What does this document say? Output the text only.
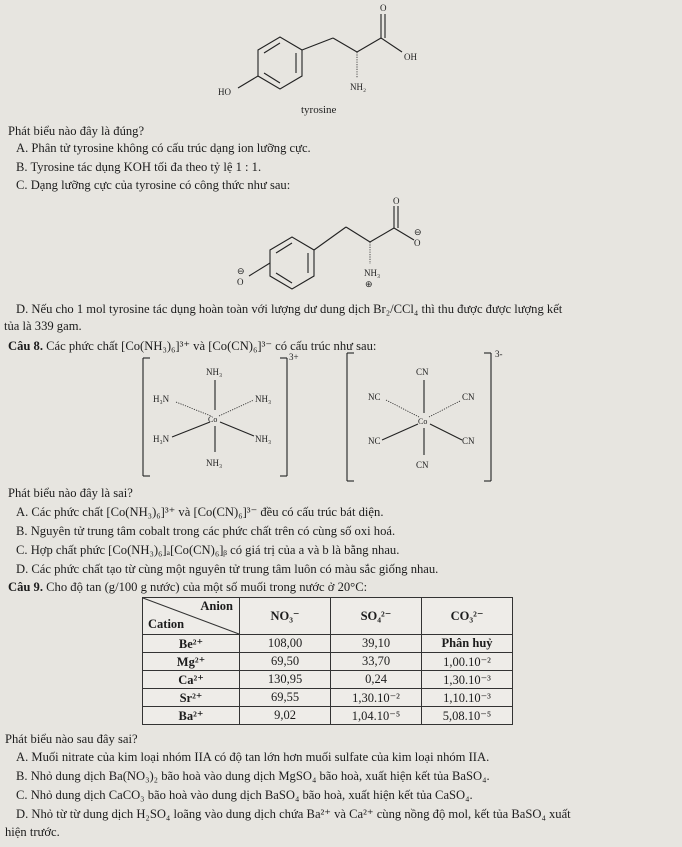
O
OH
NH₂
HO
tyrosine
Phát biểu nào đây là đúng?
A. Phân tử tyrosine không có cấu trúc dạng ion lưỡng cực.
B. Tyrosine tác dụng KOH tối đa theo tỷ lệ 1 : 1.
C. Dạng lưỡng cực của tyrosine có công thức như sau:
O
⊖
O
⊖
O
NH₃
⊕
D. Nếu cho 1 mol tyrosine tác dụng hoàn toàn với lượng dư dung dịch Br₂/CCl₄ thì thu được được lượng kết
tủa là 339 gam.
Câu 8. Các phức chất [Co(NH₃)₆]³⁺ và [Co(CN)₆]³⁻ có cấu trúc như sau:
3+
NH₃
H₃N	NH₃
Co
H₃N	NH₃
NH₃
3-
CN
NC	CN
Co
NC	CN
CN
Phát biểu nào đây là sai?
A. Các phức chất [Co(NH₃)₆]³⁺ và [Co(CN)₆]³⁻ đều có cấu trúc bát diện.
B. Nguyên tử trung tâm cobalt trong các phức chất trên có cùng số oxi hoá.
C. Hợp chất phức [Co(NH₃)₆]ₐ[Co(CN)₆]ᵦ có giá trị của a và b là bằng nhau.
D. Các phức chất tạo từ cùng một nguyên tử trung tâm luôn có màu sắc giống nhau.
Câu 9. Cho độ tan (g/100 g nước) của một số muối trong nước ở 20°C:
Anion
Cation	NO₃⁻	SO₄²⁻	CO₃²⁻
Be²⁺	108,00	39,10	Phân huỷ
Mg²⁺	69,50	33,70	1,00.10⁻²
Ca²⁺	130,95	0,24	1,30.10⁻³
Sr²⁺	69,55	1,30.10⁻²	1,10.10⁻³
Ba²⁺	9,02	1,04.10⁻⁵	5,08.10⁻⁵
Phát biểu nào sau đây sai?
A. Muối nitrate của kim loại nhóm IIA có độ tan lớn hơn muối sulfate của kim loại nhóm IIA.
B. Nhỏ dung dịch Ba(NO₃)₂ bão hoà vào dung dịch MgSO₄ bão hoà, xuất hiện kết tủa BaSO₄.
C. Nhỏ dung dịch CaCO₃ bão hoà vào dung dịch BaSO₄ bão hoà, xuất hiện kết tủa CaSO₄.
D. Nhỏ từ từ dung dịch H₂SO₄ loãng vào dung dịch chứa Ba²⁺ và Ca²⁺ cùng nồng độ mol, kết tủa BaSO₄ xuất
hiện trước.
